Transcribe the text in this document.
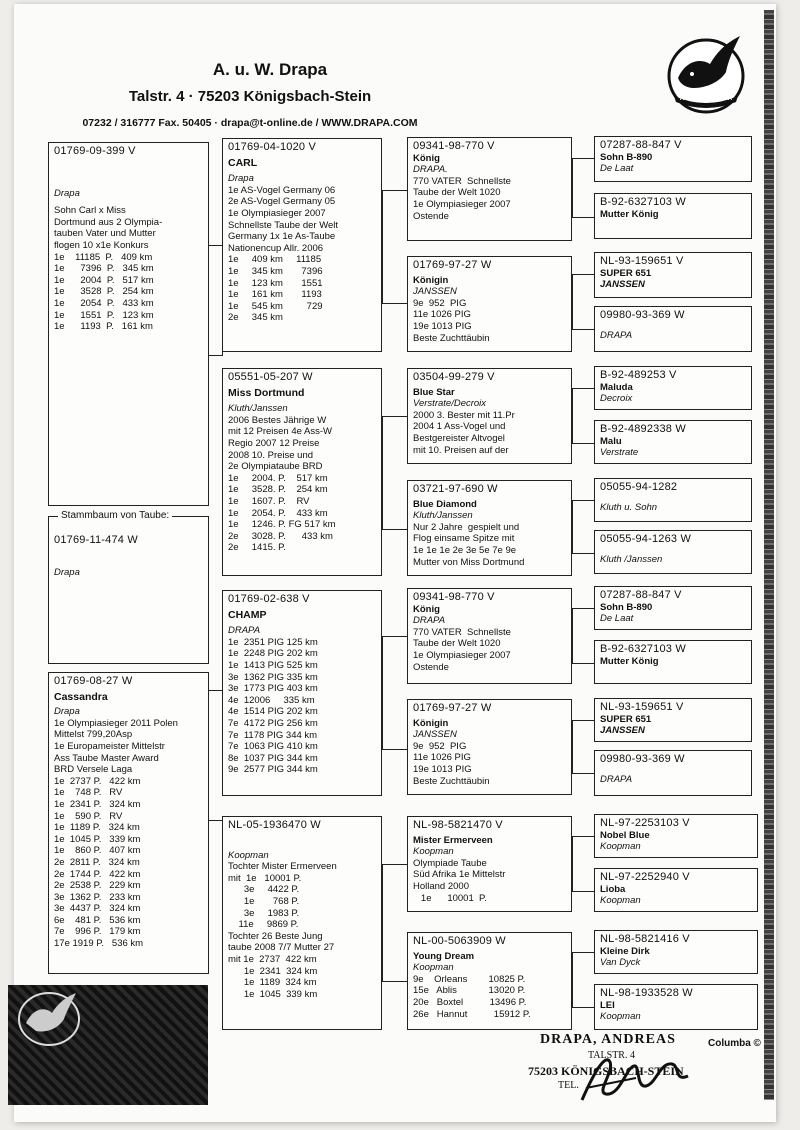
A. u. W. Drapa
Talstr. 4 · 75203 Königsbach-Stein
07232 / 316777 Fax. 50405 · drapa@t-online.de / WWW.DRAPA.COM
ANDREAS DRAPA
01769-09-399 V
Drapa
Sohn Carl x Miss
Dortmund aus 2 Olympia-
tauben Vater und Mutter
flogen 10 x1e Konkurs
1e    11185  P.   409 km
1e      7396  P.   345 km
1e      2004  P.   517 km
1e      3528  P.   254 km
1e      2054  P.   433 km
1e      1551  P.   123 km
1e      1193  P.   161 km
Stammbaum von Taube:
01769-11-474 W
Drapa
01769-08-27 W
Cassandra
Drapa
1e Olympiasieger 2011 Polen
Mittelst 799,20Asp
1e Europameister Mittelstr
Ass Taube Master Award
BRD Versele Laga
1e  2737 P.   422 km
1e    748 P.   RV
1e  2341 P.   324 km
1e    590 P.   RV
1e  1189 P.   324 km
1e  1045 P.   339 km
1e    860 P.   407 km
2e  2811 P.   324 km
2e  1744 P.   422 km
2e  2538 P.   229 km
3e  1362 P.   233 km
3e  4437 P.   324 km
6e    481 P.   536 km
7e    996 P.   179 km
17e 1919 P.   536 km
01769-04-1020 V
CARL
Drapa
1e AS-Vogel Germany 06
2e AS-Vogel Germany 05
1e Olympiasieger 2007
Schnellste Taube der Welt
Germany 1x 1e As-Taube
Nationencup Allr. 2006
1e     409 km     11185
1e     345 km       7396
1e     123 km       1551
1e     161 km       1193
1e     545 km         729
2e     345 km
05551-05-207 W
Miss Dortmund
Kluth/Janssen
2006 Bestes Jährige W
mit 12 Preisen 4e Ass-W
Regio 2007 12 Preise
2008 10. Preise und
2e Olympiataube BRD
1e     2004. P.    517 km
1e     3528. P.    254 km
1e     1607. P.    RV
1e     2054. P.    433 km
1e     1246. P. FG 517 km
2e     3028. P.      433 km
2e     1415. P.
01769-02-638 V
CHAMP
DRAPA
1e  2351 PIG 125 km
1e  2248 PIG 202 km
1e  1413 PIG 525 km
3e  1362 PIG 335 km
3e  1773 PIG 403 km
4e  12006     335 km
4e  1514 PIG 202 km
7e  4172 PIG 256 km
7e  1178 PIG 344 km
7e  1063 PIG 410 km
8e  1037 PIG 344 km
9e  2577 PIG 344 km
NL-05-1936470 W
Koopman
Tochter Mister Ermerveen
mit  1e   10001 P.
3e     4422 P.
1e       768 P.
3e     1983 P.
11e     9869 P.
Tochter 26 Beste Jung
taube 2008 7/7 Mutter 27
mit 1e  2737  422 km
1e  2341  324 km
1e  1189  324 km
1e  1045  339 km
09341-98-770 V
König
DRAPA.
770 VATER  Schnellste
Taube der Welt 1020
1e Olympiasieger 2007
Ostende
01769-97-27 W
Königin
JANSSEN
9e  952  PIG
11e 1026 PIG
19e 1013 PIG
Beste Zuchttäubin
03504-99-279 V
Blue Star
Verstrate/Decroix
2000 3. Bester mit 11.Pr
2004 1 Ass-Vogel und
Bestgereister Altvogel
mit 10. Preisen auf der
03721-97-690 W
Blue Diamond
Kluth/Janssen
Nur 2 Jahre  gespielt und
Flog einsame Spitze mit
1e 1e 1e 2e 3e 5e 7e 9e
Mutter von Miss Dortmund
09341-98-770 V
König
DRAPA
770 VATER  Schnellste
Taube der Welt 1020
1e Olympiasieger 2007
Ostende
01769-97-27 W
Königin
JANSSEN
9e  952  PIG
11e 1026 PIG
19e 1013 PIG
Beste Zuchttäubin
NL-98-5821470 V
Mister Ermerveen
Koopman
Olympiade Taube
Süd Afrika 1e Mittelstr
Holland 2000
1e      10001  P.
NL-00-5063909 W
Young Dream
Koopman
9e    Orleans        10825 P.
15e   Ablis            13020 P.
20e   Boxtel          13496 P.
26e   Hannut          15912 P.
07287-88-847 V
Sohn B-890
De Laat
B-92-6327103 W
Mutter König
NL-93-159651 V
SUPER 651
JANSSEN
09980-93-369 W
DRAPA
B-92-489253 V
Maluda
Decroix
B-92-4892338 W
Malu
Verstrate
05055-94-1282
Kluth u. Sohn
05055-94-1263 W
Kluth /Janssen
07287-88-847 V
Sohn B-890
De Laat
B-92-6327103 W
Mutter König
NL-93-159651 V
SUPER 651
JANSSEN
09980-93-369 W
DRAPA
NL-97-2253103 V
Nobel Blue
Koopman
NL-97-2252940 V
Lioba
Koopman
NL-98-5821416 V
Kleine Dirk
Van Dyck
NL-98-1933528 W
LEI
Koopman
Columba ©
DRAPA, ANDREAS
TALSTR. 4
75203 KÖNIGSBACH-STEIN
TEL.
